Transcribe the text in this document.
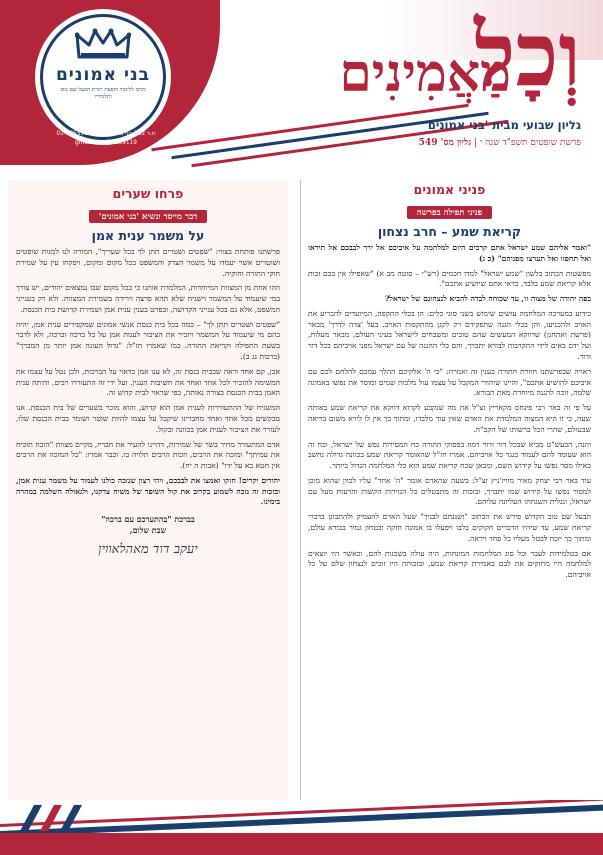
בני אמונים
מרכז ללימוד והפצת תורת הבעל שם טוב ותלמידיו
ת.ד 102 בני ברק | פקס: 03-5055919
9139119@gmail.com
וְכָל
מַאֲמִינִים
גליון שבועי מבית 'בני אמונים'
פרשת שופטים תשפ"ד שנה י | גליון מס' 549
פניני אמונים
פניני תפילה בפרשה
קריאת שמע – חרב נצחון

"ואמר אליהם שמע ישראל אתם קרבים היום למלחמה על איביכם אל ירך לבבכם אל תיראו ואל תחפזו ואל תערצו מפניהם" (כ ג)

מפשטות הכתוב בלשון "שמע ישראל" למדו חכמים (רש"י – סוטה מב א) "שאפילו אין בכם זכות אלא קריאת שמע בלבד, כדאי אתם שיושיע אתכם".

בפה יהודה של מצוה זו, עד שכוחה לבדה להביא לנצחונם של ישראל?

כידוע במערכה המלחמה עושים שימוש בשני סוגי כלים: הן בכלי התקפה, המיועדים להכריע את האויב ולהכניעו, והן בכלי הגנה שתפקידם רק לקגן מהתקפות האויב. בעל 'צדה לדרך' מבאר (פרשת ואתחנן) שדווקא המעשים שהם טובים ומשבחים לישראל בעיני העולם, מבאר מעלות, ועל ידם באים לידי התקרבות לבורא יתברך, והם כלי ההגנה של עם ישראל מפני אויביהם בכל דור ודור.

ראויה שבפרשתנו חוזרת התורה בענין זה ואמרה: "כי ה' אלקיכם ההלך עמכם להלחם לכם עם איביכם להושיע אתכם", והיינו שיהודי המקבל על עצמו עול מלכות שמים ומוסר את נפשו באמונה שלמה, זוכה להגנה מיוחדת מאת הבורא.

על פי זה באר רבי פינחס מקאריץ זצ"ל את מה שנקבע לקרוא דווקא את קריאת שמע באותה שעה, כי זו היא המצוה המלמדת את האדם שאין עוד מלבדו, ומתוך כך אין לו לירא משום בריאה שבעולם, שהרי הכל ברשותו של הקב"ה.

והנה, הבעש"ט מביא שבכל דור ודור רמוז בפסוקי התורה כח המסירות נפש של ישראל, וכח זה הוא שעומד להם לעמוד כנגד כל אויביהם. אמרו חז"ל שהאומר קריאת שמע בכוונה גדולה נחשב כאילו מסר נפשו על קידוש השם, ומכאן שכח קריאת שמע הוא כלי המלחמה הגדול ביותר.

עוד באר רבי יצחק מאיר מוויז'ניץ זצ"ל: בשעה שהאדם אומר "ה' אחד" עליו לכוון שהוא מוכן למסור נפשו על קידוש שמו יתברך, ובזכות זה מתבטלים כל הגזירות הקשות והרעות מעל עם ישראל, ונגלית השגחתו העליונה עליהם.

הבעל שם טוב הקדוש פירש את הכתוב "ושננתם לבניך" שעל האדם להעמיק ולהתבונן בדברי קריאת שמע, עד שיהיו הדברים חקוקים בלבו ויפעלו בו אמונה חזקה ובטחון גמור בבורא עולם, ומתוך כך יזכה לבטל מעליו כל פחד ויראה.

אם בטלמידות לעבר וכל סוג המלחמות המונחות, היה עולה בשכנות להם, וכאשר היו יוצאים למלחמה היו מחזקים את לבם באמירת קריאת שמע, ובזכותה היו זוכים לנצחון שלם על כל אויביהם.

פרחו שערים
דבר מייסד ונשיא 'בני אמונים'
על משמר ענית אמן

פרשתנו פותחת בצווי: "שפטים ושטרים תתן לך בכל שעריך", המורה לנו למנות שופטים ושוטרים אשר יעמדו על משמר הצדק והמשפט בכל מקום ומקום, ויפקחו עין על שמירת חוקי התורה וחוקיה.

וזהו אחת מן המצוות המיוחדות, המלמדת אותנו כי בכל מקום שבו נמצאים יהודים, יש צורך במי שיעמוד על המשמר וישגיח שלא תהא פרצה וירידה בשמירת המצוות. ולא רק בענייני המשפט, אלא גם בכל ענייני הקדושה, ובפרט בענין ענית אמן ושמירת קדושת בית הכנסת.

"שפטים ושטרים תתן לך" – כמה בכל בית כנסת אנשי אמונים שמקפידים ענית אמן, יהיה בהם מי שיעמוד על המשמר ויזכיר את הציבור לענות אמן על כל ברכה וברכה, ולא לדבר בשעת התפילה וקריאת התורה. כמו שאמרו חז"ל: "גדול העונה אמן יותר מן המברך" (ברכות נג ב).

אכן, קם אחד וראה שבבית כנסת זה, לא ענו אמן כראוי על הברכות, ולכן נטל על עצמו את המשימה להזכיר לכל אחד ואחד את חשיבות הענין. ועל ידי זה התעוררו רבים, והיתה ענית האמן בבית הכנסת בצורה נאותה, כפי שראוי לבית קדוש זה.

המשגיח של ההתעוררות לענית אמן הוא קדוש, והוא מוכר בשערים של בית הכנסת. אנו מבקשים מכל אחד ואחד מחברינו שיקבל על עצמו להיות שוטר ושומר בבית הכנסת שלו, לעורר את הציבור לענית אמן בכוונה ובקול.

אדם המתעורר מחיר בשר של שמירות, דהיינו להעיר את חבריו, מקיים מצוות "הוכח תוכיח את עמיתך" ומזכה את הרבים, וזכות הרבים תלויה בו. וכבר אמרו: "כל המזכה את הרבים אין חטא בא על ידו" (אבות ה יח).

יהודים יקרים! חזקו ואמצו את לבבכם, ויהי רצון שנזכה כולנו לעמוד על משמר ענית אמן, ובזכות זה נזכה לשמוע בקרוב את קול השופר של משיח צדקנו, ולגאולה השלמה במהרה בימינו.

בברכת "בהתעדכם עם ברכה"
שבת שלום,
יעקב דוד מאהלאווין
